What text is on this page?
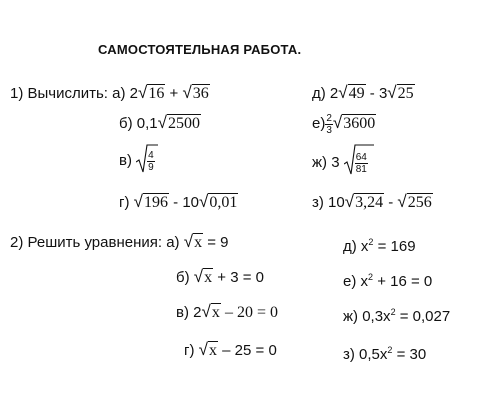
САМОСТОЯТЕЛЬНАЯ РАБОТА.
1) Вычислить: а) 2√16 + √36
б) 0,1√2500
$в) \frac{4}{9}$
г) √196 - 10√0,01
д) 2√49 - 3√25
$е) \frac{2}{3} √3600$
ж) $3 \frac{64}{81}$
з) 10√3,24 - √256
2) Решить уравнения: а) √x = 9
б) √x + 3 = 0
в) 2√x – 20 = 0
г) √x – 25 = 0
д) $x^2 = 169$
е) $x^2 + 16 = 0$
ж) $0,3x^2 = 0,027$
з) $0,5x^2 = 30$
